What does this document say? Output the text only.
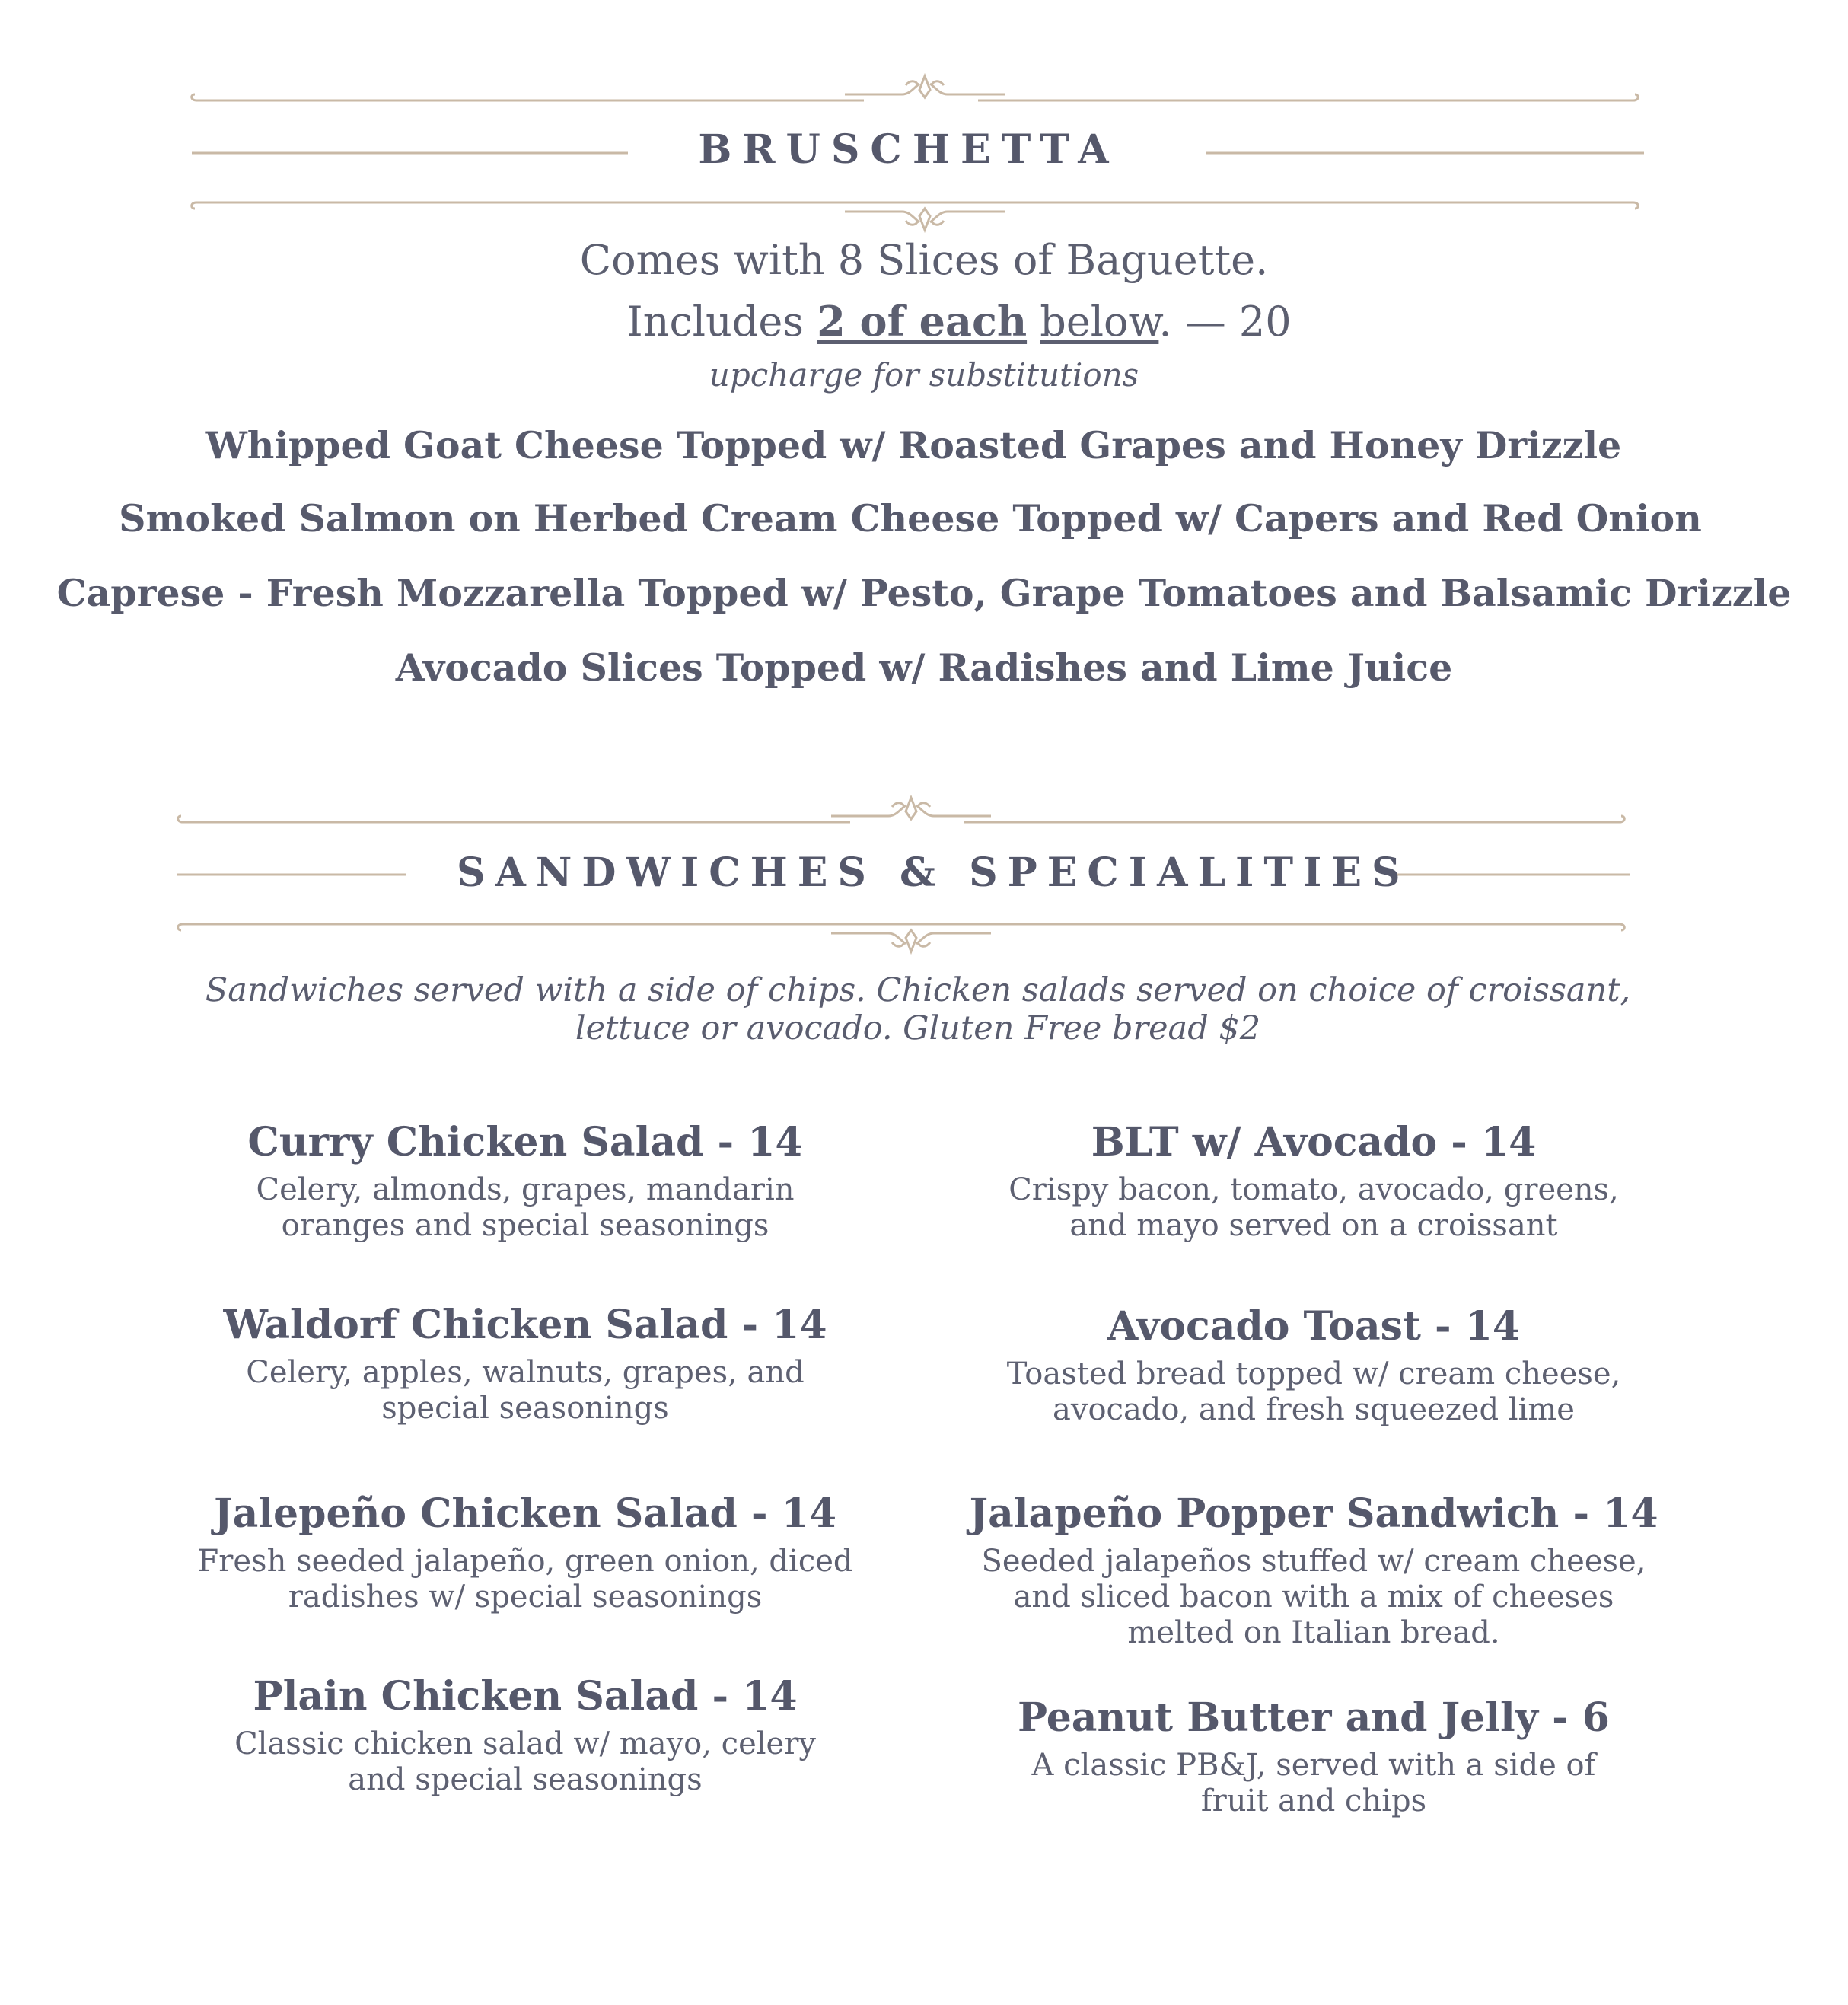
BRUSCHETTA
Comes with 8 Slices of Baguette.
Includes 2 of each below. — 20
upcharge for substitutions
Whipped Goat Cheese Topped w/ Roasted Grapes and Honey Drizzle
Smoked Salmon on Herbed Cream Cheese Topped w/ Capers and Red Onion
Caprese - Fresh Mozzarella Topped w/ Pesto, Grape Tomatoes and Balsamic Drizzle
Avocado Slices Topped w/ Radishes and Lime Juice
SANDWICHES & SPECIALITIES
Sandwiches served with a side of chips. Chicken salads served on choice of croissant,
lettuce or avocado. Gluten Free bread $2
Curry Chicken Salad - 14
Celery, almonds, grapes, mandarin
oranges and special seasonings
Waldorf Chicken Salad - 14
Celery, apples, walnuts, grapes, and
special seasonings
Jalepeño Chicken Salad - 14
Fresh seeded jalapeño, green onion, diced
radishes w/ special seasonings
Plain Chicken Salad - 14
Classic chicken salad w/ mayo, celery
and special seasonings
BLT w/ Avocado - 14
Crispy bacon, tomato, avocado, greens,
and mayo served on a croissant
Avocado Toast - 14
Toasted bread topped w/ cream cheese,
avocado, and fresh squeezed lime
Jalapeño Popper Sandwich - 14
Seeded jalapeños stuffed w/ cream cheese,
and sliced bacon with a mix of cheeses
melted on Italian bread.
Peanut Butter and Jelly - 6
A classic PB&J, served with a side of
fruit and chips
